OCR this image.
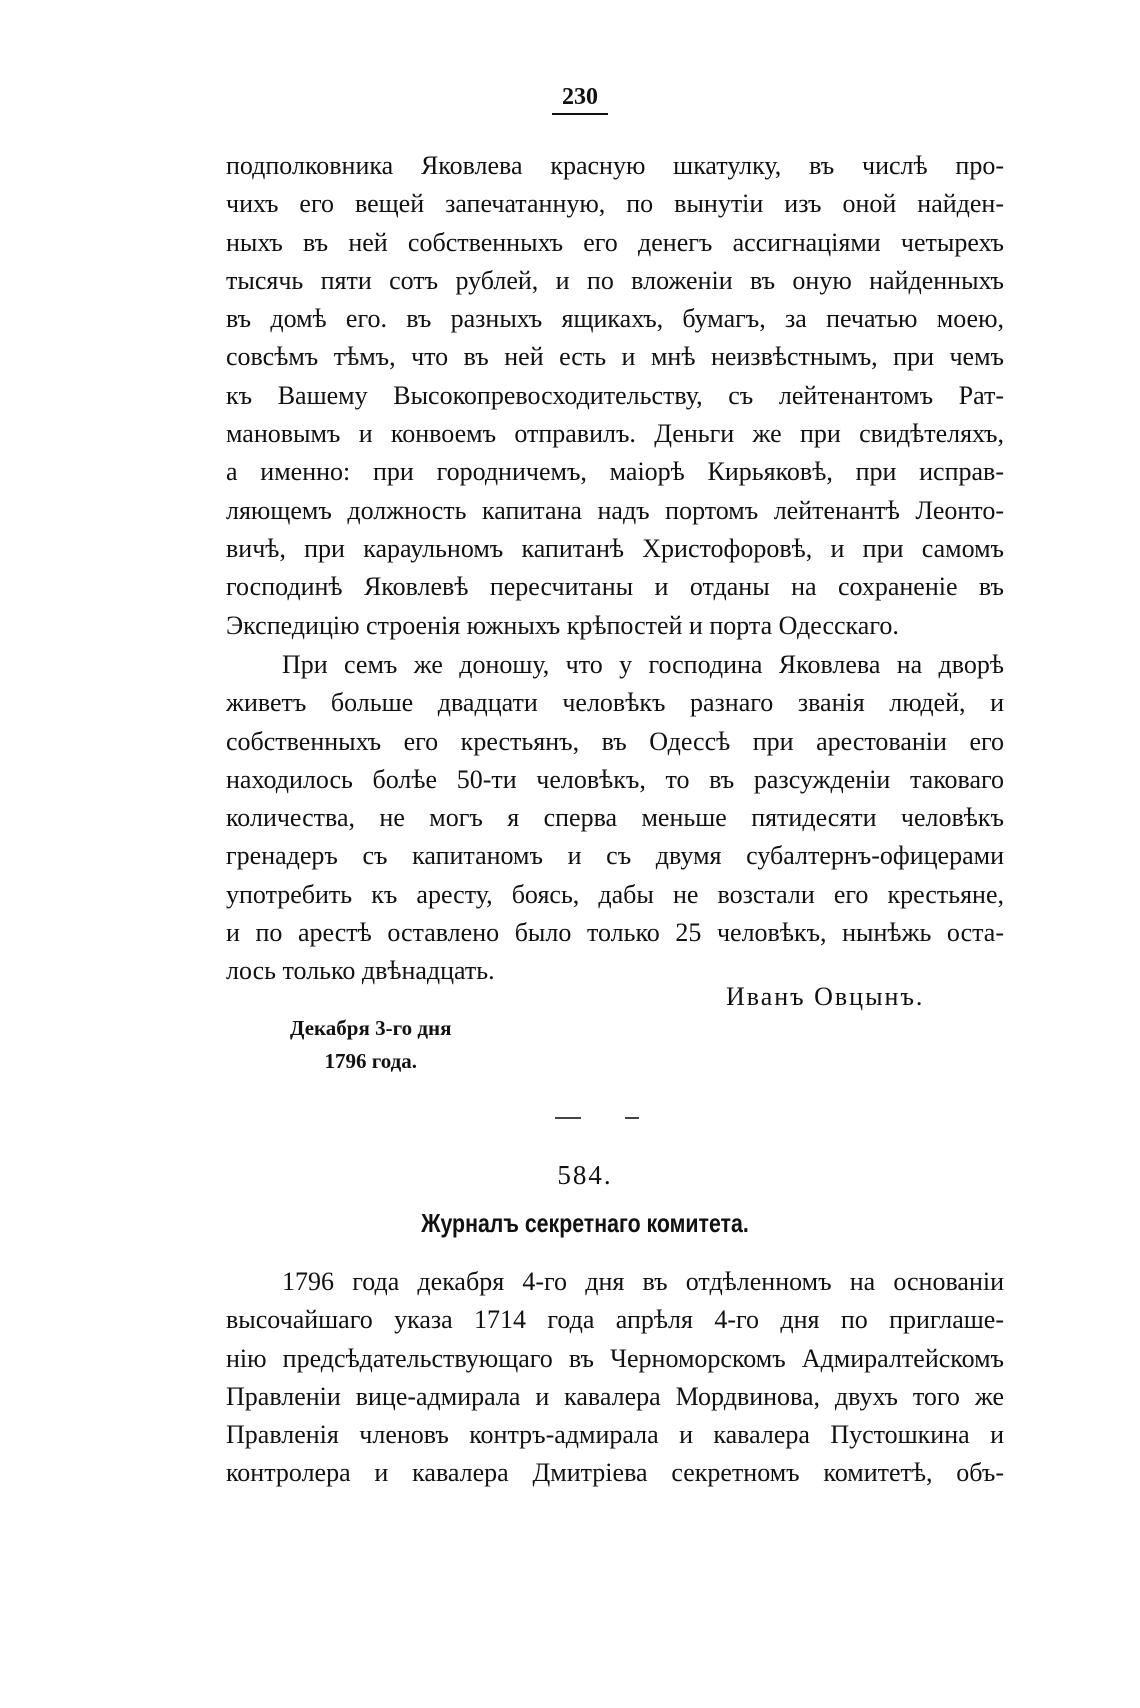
230
подполковника Яковлева красную шкатулку, въ числѣ про-
чихъ его вещей запечатанную, по вынутіи изъ оной найден-
ныхъ въ ней собственныхъ его денегъ ассигнаціями четырехъ
тысячь пяти сотъ рублей, и по вложеніи въ оную найденныхъ
въ домѣ его. въ разныхъ ящикахъ, бумагъ, за печатью моею,
совсѣмъ тѣмъ, что въ ней есть и мнѣ неизвѣстнымъ, при чемъ
къ Вашему Высокопревосходительству, съ лейтенантомъ Рат-
мановымъ и конвоемъ отправилъ. Деньги же при свидѣтеляхъ,
а именно: при городничемъ, маіорѣ Кирьяковѣ, при исправ-
ляющемъ должность капитана надъ портомъ лейтенантѣ Леонто-
вичѣ, при караульномъ капитанѣ Христофоровѣ, и при самомъ
господинѣ Яковлевѣ пересчитаны и отданы на сохраненіе въ
Экспедицію строенія южныхъ крѣпостей и порта Одесскаго.
При семъ же доношу, что у господина Яковлева на дворѣ
живетъ больше двадцати человѣкъ разнаго званія людей, и
собственныхъ его крестьянъ, въ Одессѣ при арестованіи его
находилось болѣе 50-ти человѣкъ, то въ разсужденіи таковаго
количества, не могъ я сперва меньше пятидесяти человѣкъ
гренадеръ съ капитаномъ и съ двумя субалтернъ-офицерами
употребить къ аресту, боясь, дабы не возстали его крестьяне,
и по арестѣ оставлено было только 25 человѣкъ, нынѣжь оста-
лось только двѣнадцать.
Иванъ Овцынъ.
Декабря 3-го дня
1796 года.
584.
Журналъ секретнаго комитета.
1796 года декабря 4-го дня въ отдѣленномъ на основаніи
высочайшаго указа 1714 года апрѣля 4-го дня по приглаше-
нію предсѣдательствующаго въ Черноморскомъ Адмиралтейскомъ
Правленіи вице-адмирала и кавалера Мордвинова, двухъ того же
Правленія членовъ контръ-адмирала и кавалера Пустошкина и
контролера и кавалера Дмитріева секретномъ комитетѣ, объ-
